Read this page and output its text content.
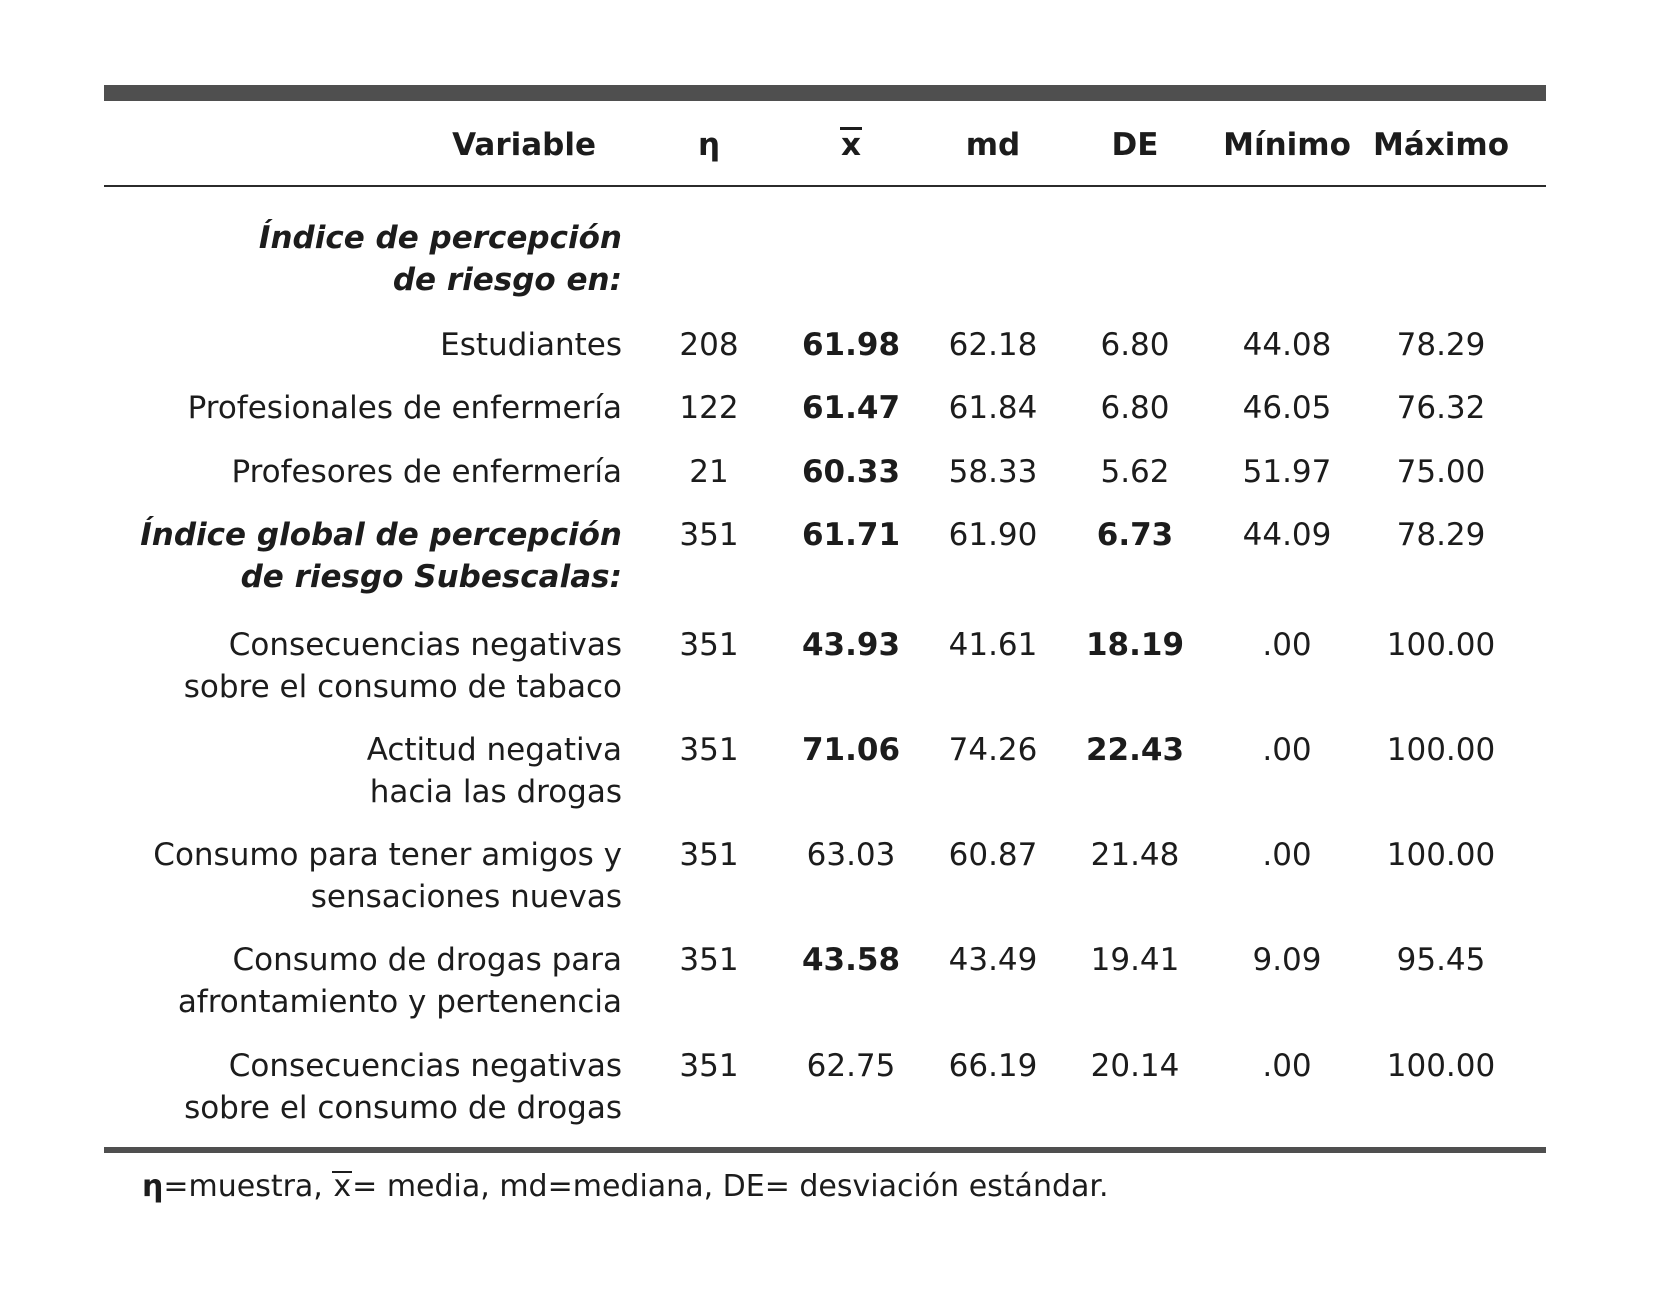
Variable	η	x	md	DE Mínimo Máximo
Índice de percepción
de riesgo en:
Estudiantes 208 61.98 62.18 6.80 44.08 78.29
Profesionales de enfermería 122 61.47 61.84 6.80 46.05 76.32
Profesores de enfermería 21 60.33 58.33 5.62 51.97 75.00
Índice global de percepción
de riesgo Subescalas:
351 61.71 61.90 6.73 44.09 78.29
Consecuencias negativas
sobre el consumo de tabaco
351 43.93 41.61 18.19	.00 100.00
Actitud negativa
hacia las drogas
351 71.06 74.26 22.43	.00 100.00
Consumo para tener amigos y
sensaciones nuevas
351 63.03 60.87 21.48	.00 100.00
Consumo de drogas para
afrontamiento y pertenencia
351 43.58 43.49 19.41 9.09 95.45
Consecuencias negativas
sobre el consumo de drogas
351 62.75 66.19 20.14	.00 100.00
η=muestra, x= media, md=mediana, DE= desviación estándar.
